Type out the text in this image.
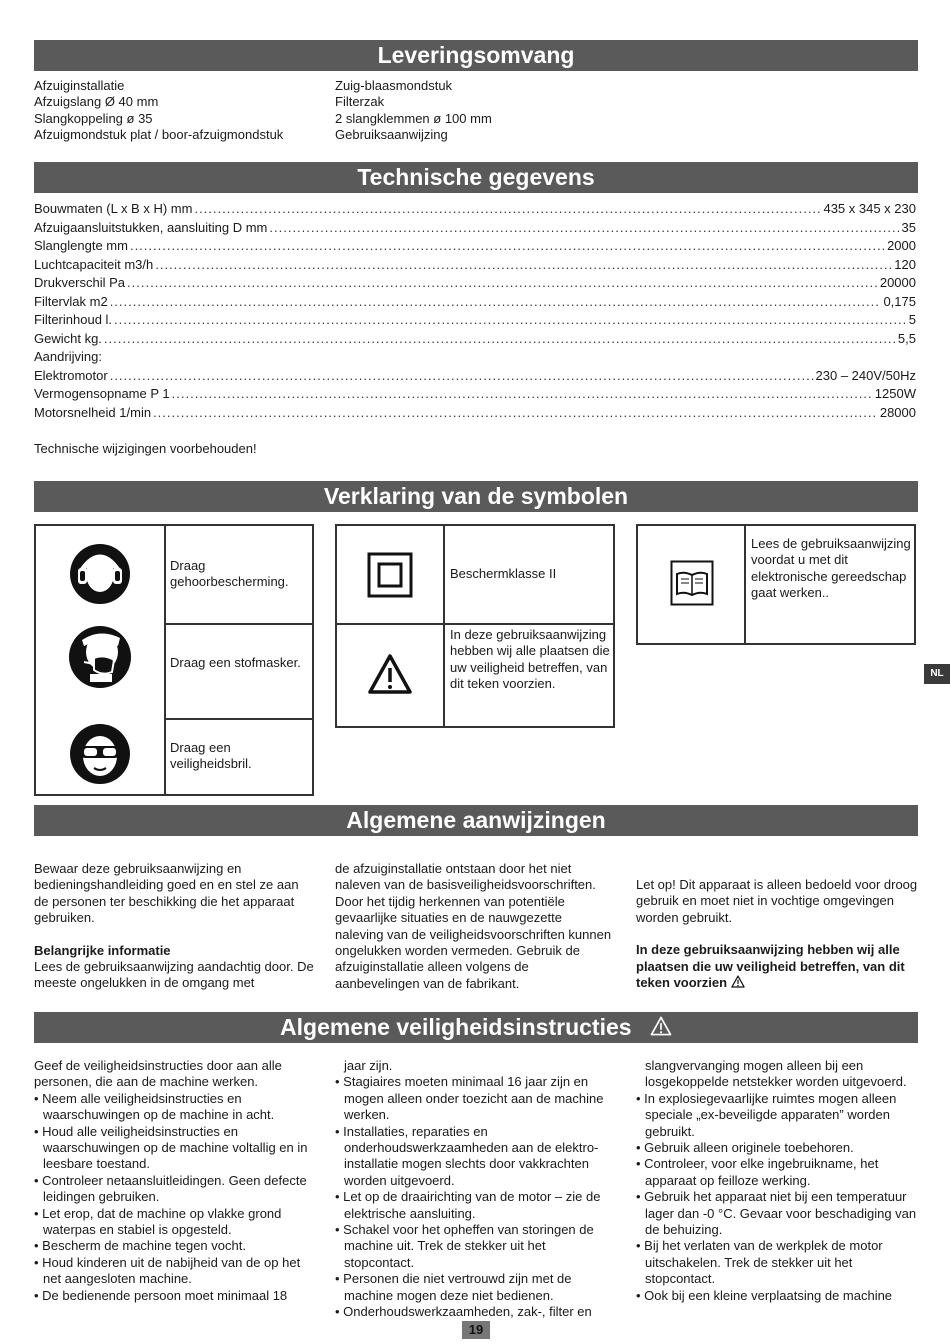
Leveringsomvang
Afzuiginstallatie
Afzuigslang Ø 40 mm
Slangkoppeling ø 35
Afzuigmondstuk plat / boor-afzuigmondstuk
Zuig-blaasmondstuk
Filterzak
2 slangklemmen ø 100 mm
Gebruiksaanwijzing
Technische gegevens
Bouwmaten (L x B x H) mm .....	435 x 345 x 230
Afzuigaansluitstukken, aansluiting D mm .....	35
Slanglengte mm .....	2000
Luchtcapaciteit m3/h .....	120
Drukverschil Pa .....	20000
Filtervlak m2 .....	0,175
Filterinhoud l. .....	5
Gewicht kg. .....	5,5
Aandrijving:
Elektromotor .....	230 – 240V/50Hz
Vermogensopname P 1 .....	1250W
Motorsnelheid 1/min .....	28000
Technische wijzigingen voorbehouden!
Verklaring van de symbolen
Draag gehoorbescherming.
Draag een stofmasker.
Draag een veiligheidsbril.
Beschermklasse II
In deze gebruiksaanwijzing hebben wij alle plaatsen die uw veiligheid betreffen, van dit teken voorzien.
Lees de gebruiksaanwijzing voordat u met dit elektronische gereedschap gaat werken..
NL
Algemene aanwijzingen

Bewaar deze gebruiksaanwijzing en bedieningshandleiding goed en en stel ze aan de personen ter beschikking die het apparaat gebruiken.

Belangrijke informatie

Lees de gebruiksaanwijzing aandachtig door. De meeste ongelukken in de omgang met

de afzuiginstallatie ontstaan door het niet naleven van de basisveiligheidsvoorschriften. Door het tijdig herkennen van potentiële gevaarlijke situaties en de nauwgezette naleving van de veiligheidsvoorschriften kunnen ongelukken worden vermeden. Gebruik de afzuiginstallatie alleen volgens de aanbevelingen van de fabrikant.

Let op! Dit apparaat is alleen bedoeld voor droog gebruik en moet niet in vochtige omgevingen worden gebruikt.

In deze gebruiksaanwijzing hebben wij alle plaatsen die uw veiligheid betreffen, van dit teken voorzien

Algemene veiligheidsinstructies

Geef de veiligheidsinstructies door aan alle personen, die aan de machine werken.

• Neem alle veiligheidsinstructies en waarschuwingen op de machine in acht.
• Houd alle veiligheidsinstructies en waarschuwingen op de machine voltallig en in leesbare toestand.
• Controleer netaansluitleidingen. Geen defecte leidingen gebruiken.
• Let erop, dat de machine op vlakke grond waterpas en stabiel is opgesteld.
• Bescherm de machine tegen vocht.
• Houd kinderen uit de nabijheid van de op het net aangesloten machine.
• De bedienende persoon moet minimaal 18

jaar zijn.

• Stagiaires moeten minimaal 16 jaar zijn en mogen alleen onder toezicht aan de machine werken.
• Installaties, reparaties en onderhoudswerkzaamheden aan de elektro-installatie mogen slechts door vakkrachten worden uitgevoerd.
• Let op de draairichting van de motor – zie de elektrische aansluiting.
• Schakel voor het opheffen van storingen de machine uit. Trek de stekker uit het stopcontact.
• Personen die niet vertrouwd zijn met de machine mogen deze niet bedienen.
• Onderhoudswerkzaamheden, zak-, filter en

slangvervanging mogen alleen bij een losgekoppelde netstekker worden uitgevoerd.

• In explosiegevaarlijke ruimtes mogen alleen speciale „ex-beveiligde apparaten” worden gebruikt.
• Gebruik alleen originele toebehoren.
• Controleer, voor elke ingebruikname, het apparaat op feilloze werking.
• Gebruik het apparaat niet bij een temperatuur lager dan -0 °C. Gevaar voor beschadiging van de behuizing.
• Bij het verlaten van de werkplek de motor uitschakelen. Trek de stekker uit het stopcontact.
• Ook bij een kleine verplaatsing de machine
19
